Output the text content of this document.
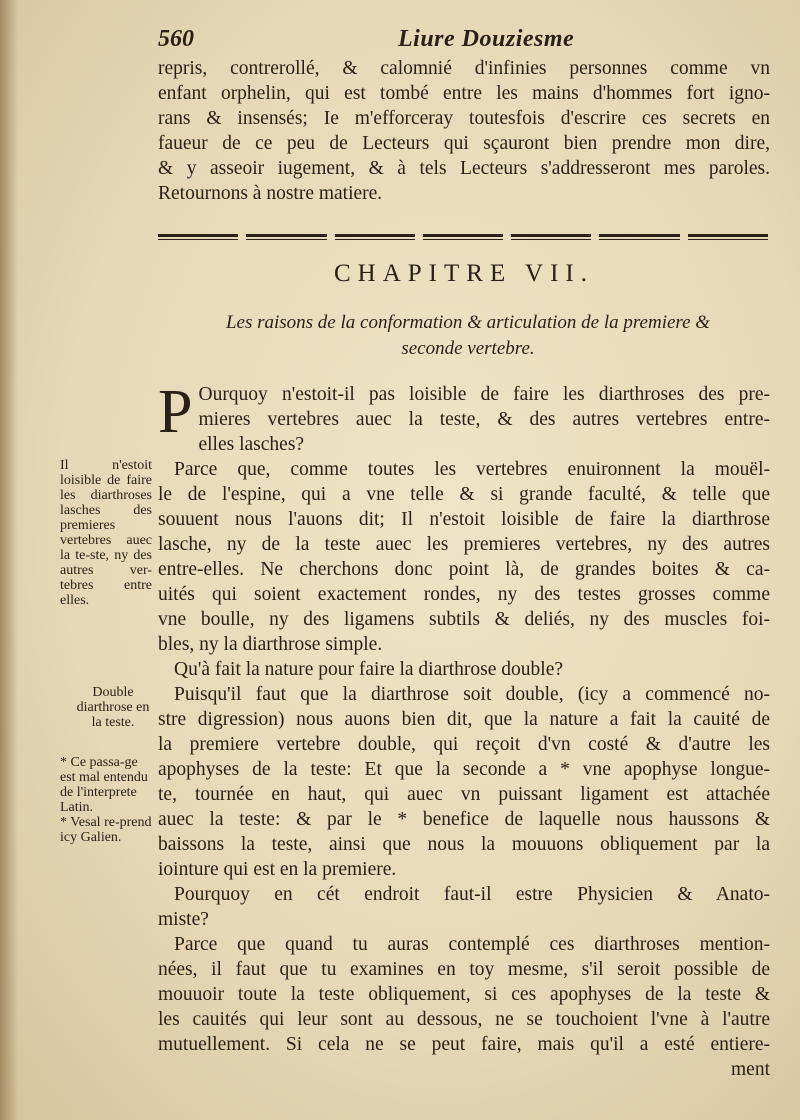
560	Liure Douziesme
repris, contrerollé, & calomnié d'infinies personnes comme vn
enfant orphelin, qui est tombé entre les mains d'hommes fort igno-
rans & insensés; Ie m'efforceray toutesfois d'escrire ces secrets en
faueur de ce peu de Lecteurs qui sçauront bien prendre mon dire,
& y asseoir iugement, & à tels Lecteurs s'addresseront mes paroles.
Retournons à nostre matiere.
CHAPITRE VII.
Les raisons de la conformation & articulation de la premiere &
seconde vertebre.
P Ourquoy n'estoit-il pas loisible de faire les diarthroses des pre-
mieres vertebres auec la teste, & des autres vertebres entre-
elles lasches?
Parce que, comme toutes les vertebres enuironnent la mouël-
le de l'espine, qui a vne telle & si grande faculté, & telle que
souuent nous l'auons dit; Il n'estoit loisible de faire la diarthrose
lasche, ny de la teste auec les premieres vertebres, ny des autres
entre-elles. Ne cherchons donc point là, de grandes boites & ca-
uités qui soient exactement rondes, ny des testes grosses comme
vne boulle, ny des ligamens subtils & deliés, ny des muscles foi-
bles, ny la diarthrose simple.
Qu'à fait la nature pour faire la diarthrose double?
Puisqu'il faut que la diarthrose soit double, (icy a commencé no-
stre digression) nous auons bien dit, que la nature a fait la cauité de
la premiere vertebre double, qui reçoit d'vn costé & d'autre les
apophyses de la teste: Et que la seconde a * vne apophyse longue-
te, tournée en haut, qui auec vn puissant ligament est attachée
auec la teste: & par le * benefice de laquelle nous haussons &
baissons la teste, ainsi que nous la mouuons obliquement par la
iointure qui est en la premiere.
Pourquoy en cét endroit faut-il estre Physicien & Anato-
miste?
Parce que quand tu auras contemplé ces diarthroses mention-
nées, il faut que tu examines en toy mesme, s'il seroit possible de
mouuoir toute la teste obliquement, si ces apophyses de la teste &
les cauités qui leur sont au dessous, ne se touchoient l'vne à l'autre
mutuellement. Si cela ne se peut faire, mais qu'il a esté entiere-
ment
Il n'estoit loisible de faire les diarthroses lasches des premieres vertebres auec la te-ste, ny des autres ver-tebres entre elles.
Double diarthrose en la teste.
* Ce passa-ge est mal entendu de l'interprete Latin.
* Vesal re-prend icy Galien.
